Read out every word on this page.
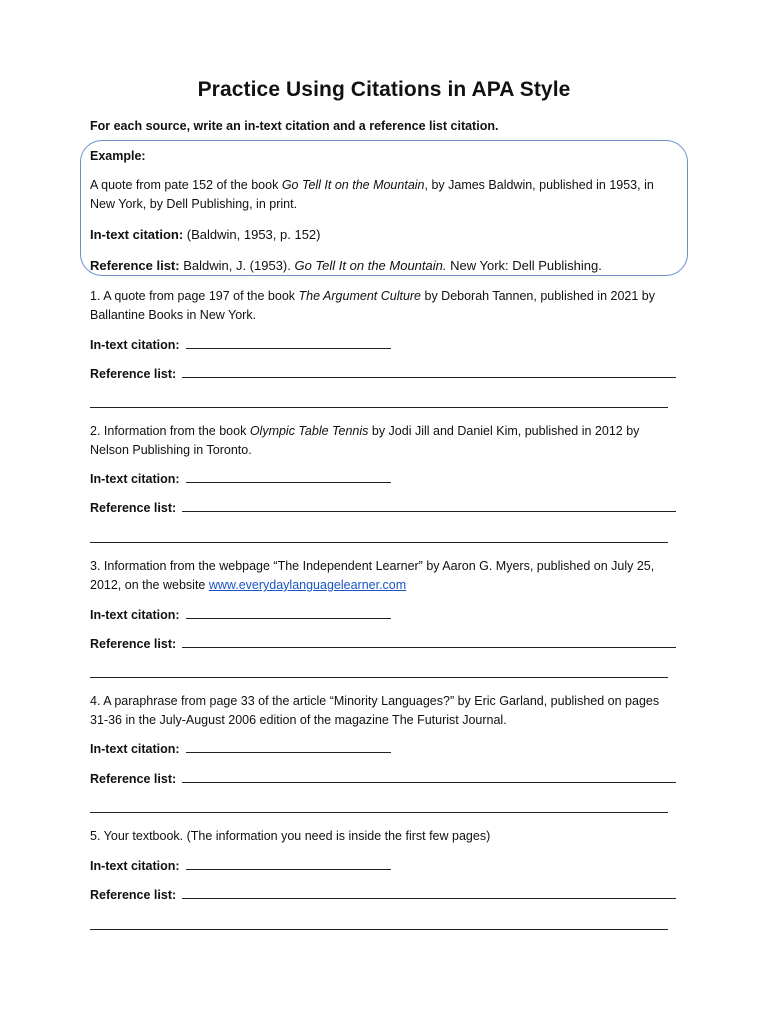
Practice Using Citations in APA Style
For each source, write an in-text citation and a reference list citation.
Example:
A quote from pate 152 of the book Go Tell It on the Mountain, by James Baldwin, published in 1953, in
New York, by Dell Publishing, in print.
In-text citation: (Baldwin, 1953, p. 152)
Reference list: Baldwin, J. (1953). Go Tell It on the Mountain. New York: Dell Publishing.
1. A quote from page 197 of the book The Argument Culture by Deborah Tannen, published in 2021 by
Ballantine Books in New York.
In-text citation:
Reference list:
2. Information from the book Olympic Table Tennis by Jodi Jill and Daniel Kim, published in 2012 by
Nelson Publishing in Toronto.
In-text citation:
Reference list:
3. Information from the webpage “The Independent Learner” by Aaron G. Myers, published on July 25,
2012, on the website www.everydaylanguagelearner.com
In-text citation:
Reference list:
4. A paraphrase from page 33 of the article “Minority Languages?” by Eric Garland, published on pages
31-36 in the July-August 2006 edition of the magazine The Futurist Journal.
In-text citation:
Reference list:
5. Your textbook. (The information you need is inside the first few pages)
In-text citation:
Reference list:
